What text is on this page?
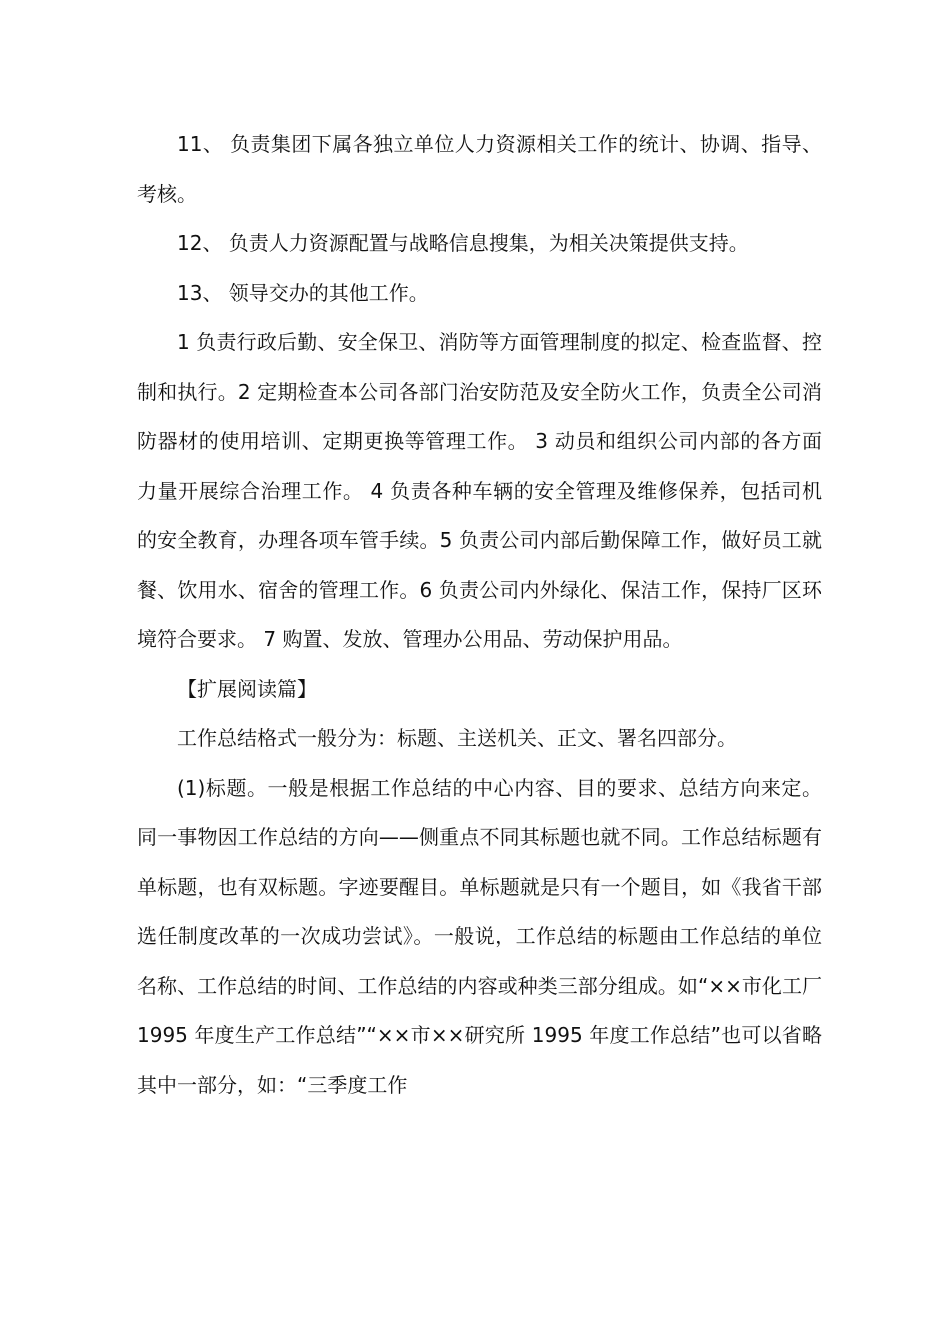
11、 负责集团下属各独立单位人力资源相关工作的统计、协调、指导、考核。

12、 负责人力资源配置与战略信息搜集，为相关决策提供支持。

13、 领导交办的其他工作。

1 负责行政后勤、安全保卫、消防等方面管理制度的拟定、检查监督、控制和执行。2 定期检查本公司各部门治安防范及安全防火工作，负责全公司消防器材的使用培训、定期更换等管理工作。 3 动员和组织公司内部的各方面力量开展综合治理工作。 4 负责各种车辆的安全管理及维修保养，包括司机的安全教育，办理各项车管手续。5 负责公司内部后勤保障工作，做好员工就餐、饮用水、宿舍的管理工作。6 负责公司内外绿化、保洁工作，保持厂区环境符合要求。 7 购置、发放、管理办公用品、劳动保护用品。

【扩展阅读篇】

工作总结格式一般分为：标题、主送机关、正文、署名四部分。

(1)标题。一般是根据工作总结的中心内容、目的要求、总结方向来定。同一事物因工作总结的方向——侧重点不同其标题也就不同。工作总结标题有单标题，也有双标题。字迹要醒目。单标题就是只有一个题目，如《我省干部选任制度改革的一次成功尝试》。一般说，工作总结的标题由工作总结的单位名称、工作总结的时间、工作总结的内容或种类三部分组成。如“××市化工厂 1995 年度生产工作总结”“××市××研究所 1995 年度工作总结”也可以省略其中一部分，如：“三季度工作
